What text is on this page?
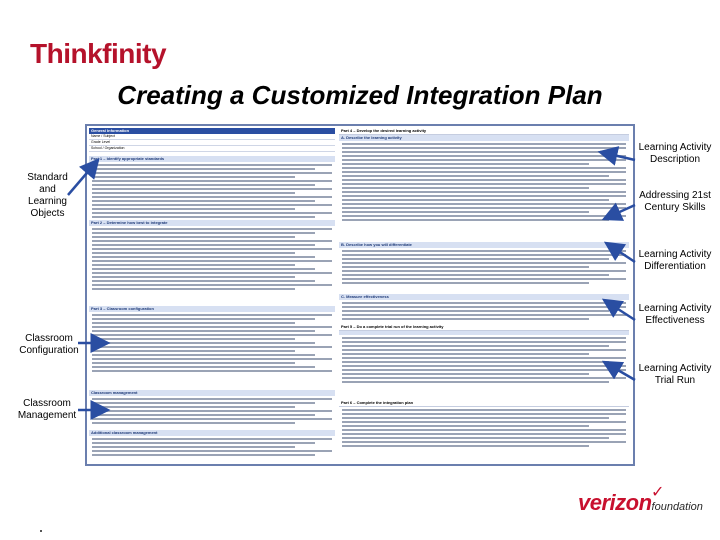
Thinkfinity
Creating a Customized Integration Plan
General Information
Name / Subject
Grade Level
School / Organization
Part 1 – Identify appropriate standards
Part 2 – Determine how best to integrate
Part 3 – Classroom configuration
Classroom management
Additional classroom management
Part 4 – Develop the desired learning activity
A. Describe the learning activity
B. Describe how you will differentiate
C. Measure effectiveness
Part 5 – Do a complete trial run of the learning activity
Part 6 – Complete the integration plan
Standard and Learning Objects
Classroom Configuration
Classroom Management
Learning Activity Description
Addressing 21st Century Skills
Learning Activity Differentiation
Learning Activity Effectiveness
Learning Activity Trial Run
verizonfoundation
✓
